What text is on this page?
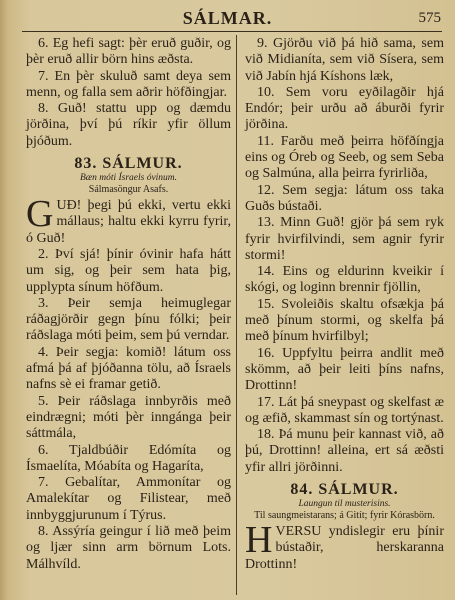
SÁLMAR.	575

6. Eg hefi sagt: þèr eruð guðir, og þèr eruð allir börn hins æðsta.

7. En þèr skuluð samt deya sem menn, og falla sem aðrir höfðingjar.

8. Guð! stattu upp og dæmdu jörðina, því þú ríkir yfir öllum þjóðum.

83. SÁLMUR.

Bæn móti Ísraels óvinum.

Sálmasöngur Asafs.

GUÐ! þegi þú ekki, vertu ekki mállaus; haltu ekki kyrru fyrir, ó Guð!

2. Því sjá! þínir óvinir hafa hátt um sig, og þeir sem hata þig, upplypta sínum höfðum.

3. Þeir semja heimuglegar ráðagjörðir gegn þínu fólki; þeir ráðslaga móti þeim, sem þú verndar.

4. Þeir segja: komið! látum oss afmá þá af þjóðanna tölu, að Ísraels nafns sè ei framar getið.

5. Þeir ráðslaga innbyrðis með eindrægni; móti þèr inngánga þeir sáttmála,

6. Tjaldbúðir Edómíta og Ísmaelíta, Móabíta og Hagaríta,

7. Gebalítar, Ammonítar og Amalekítar og Filistear, með innbyggjurunum í Týrus.

8. Assýría geingur í lið með þeim og ljær sinn arm börnum Lots. Málhvíld.

9. Gjörðu við þá hið sama, sem við Midianíta, sem við Sísera, sem við Jabín hjá Kíshons læk,

10. Sem voru eyðilagðir hjá Endór; þeir urðu að áburði fyrir jörðina.

11. Farðu með þeirra höfðíngja eins og Óreb og Seeb, og sem Seba og Salmúna, alla þeirra fyrirliða,

12. Sem segja: látum oss taka Guðs bústaði.

13. Minn Guð! gjör þá sem ryk fyrir hvirfilvindi, sem agnir fyrir stormi!

14. Eins og eldurinn kveikir í skógi, og loginn brennir fjöllin,

15. Svoleiðis skaltu ofsækja þá með þínum stormi, og skelfa þá með þínum hvirfilbyl;

16. Uppfyltu þeirra andlit með skömm, að þeir leiti þíns nafns, Drottinn!

17. Lát þá sneypast og skelfast æ og æfið, skammast sín og tortýnast.

18. Þá munu þeir kannast við, að þú, Drottinn! alleina, ert sá æðsti yfir allri jörðinni.

84. SÁLMUR.

Laungun til musterisins.

Til saungmeistarans; á Gitít; fyrir Kórasbörn.

HVERSU yndislegir eru þínir bústaðir, herskaranna Drottinn!
